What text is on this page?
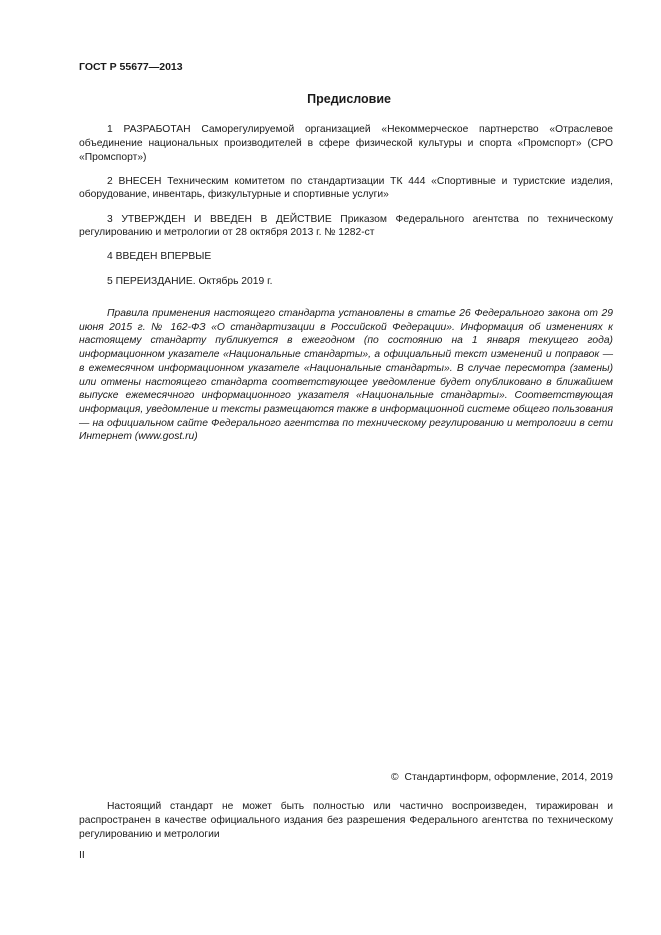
ГОСТ Р 55677—2013
Предисловие

1 РАЗРАБОТАН Саморегулируемой организацией «Некоммерческое партнерство «Отраслевое объединение национальных производителей в сфере физической культуры и спорта «Промспорт» (СРО «Промспорт»)

2 ВНЕСЕН Техническим комитетом по стандартизации ТК 444 «Спортивные и туристские изделия, оборудование, инвентарь, физкультурные и спортивные услуги»

3 УТВЕРЖДЕН И ВВЕДЕН В ДЕЙСТВИЕ Приказом Федерального агентства по техническому регулированию и метрологии от 28 октября 2013 г. № 1282-ст

4 ВВЕДЕН ВПЕРВЫЕ

5 ПЕРЕИЗДАНИЕ. Октябрь 2019 г.

Правила применения настоящего стандарта установлены в статье 26 Федерального закона от 29 июня 2015 г. № 162-ФЗ «О стандартизации в Российской Федерации». Информация об изменениях к настоящему стандарту публикуется в ежегодном (по состоянию на 1 января текущего года) информационном указателе «Национальные стандарты», а официальный текст изменений и поправок — в ежемесячном информационном указателе «Национальные стандарты». В случае пересмотра (замены) или отмены настоящего стандарта соответствующее уведомление будет опубликовано в ближайшем выпуске ежемесячного информационного указателя «Национальные стандарты». Соответствующая информация, уведомление и тексты размещаются также в информационной системе общего пользования — на официальном сайте Федерального агентства по техническому регулированию и метрологии в сети Интернет (www.gost.ru)

© Стандартинформ, оформление, 2014, 2019

Настоящий стандарт не может быть полностью или частично воспроизведен, тиражирован и распространен в качестве официального издания без разрешения Федерального агентства по техническому регулированию и метрологии

II
